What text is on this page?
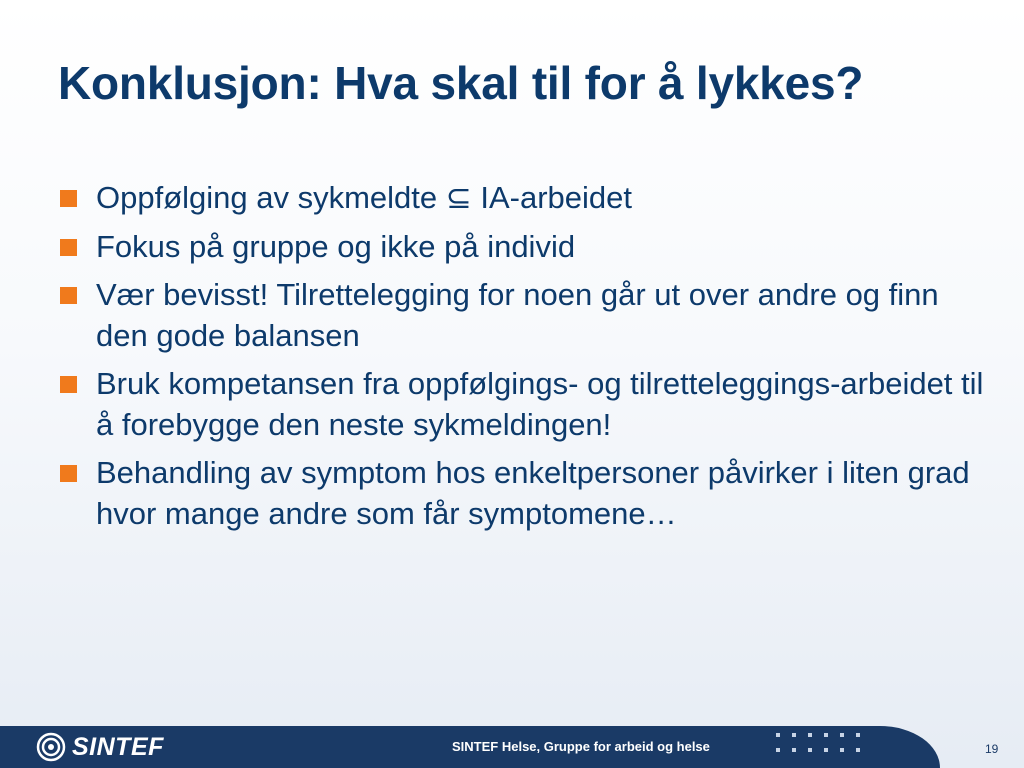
Konklusjon: Hva skal til for å lykkes?
Oppfølging av sykmeldte ⊆ IA-arbeidet
Fokus på gruppe og ikke på individ
Vær bevisst! Tilrettelegging for noen går ut over andre og finn den gode balansen
Bruk kompetansen fra oppfølgings- og tilretteleggings-arbeidet til å forebygge den neste sykmeldingen!
Behandling av symptom hos enkeltpersoner påvirker i liten grad hvor mange andre som får symptomene…
SINTEF	SINTEF Helse, Gruppe for arbeid og helse	19
